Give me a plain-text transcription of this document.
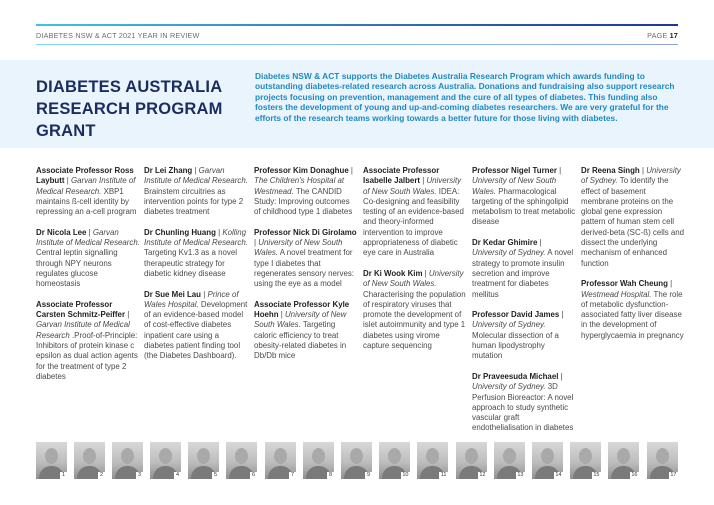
DIABETES NSW & ACT 2021 YEAR IN REVIEW	PAGE 17
DIABETES AUSTRALIA RESEARCH PROGRAM GRANT
Diabetes NSW & ACT supports the Diabetes Australia Research Program which awards funding to outstanding diabetes-related research across Australia. Donations and fundraising also support research projects focusing on prevention, management and the cure of all types of diabetes. This funding also fosters the development of young and up-and-coming diabetes researchers. We are very grateful for the efforts of the research teams working towards a better future for those living with diabetes.
Associate Professor Ross Laybutt | Garvan Institute of Medical Research. XBP1 maintains ß-cell identity by repressing an a-cell program
Dr Nicola Lee | Garvan Institute of Medical Research. Central leptin signalling through NPY neurons regulates glucose homeostasis
Associate Professor Carsten Schmitz-Peiffer | Garvan Institute of Medical Research .Proof-of-Principle: Inhibitors of protein kinase c epsilon as dual action agents for the treatment of type 2 diabetes
Dr Lei Zhang | Garvan Institute of Medical Research. Brainstem circuitries as intervention points for type 2 diabetes treatment
Dr Chunling Huang | Kolling Institute of Medical Research. Targeting Kv1.3 as a novel therapeutic strategy for diabetic kidney disease
Dr Sue Mei Lau | Prince of Wales Hospital. Development of an evidence-based model of cost-effective diabetes inpatient care using a diabetes patient finding tool (the Diabetes Dashboard).
Professor Kim Donaghue | The Children's Hospital at Westmead. The CANDID Study: Improving outcomes of childhood type 1 diabetes
Professor Nick Di Girolamo | University of New South Wales. A novel treatment for type I diabetes that regenerates sensory nerves: using the eye as a model
Associate Professor Kyle Hoehn | University of New South Wales. Targeting caloric efficiency to treat obesity-related diabetes in Db/Db mice
Associate Professor Isabelle Jalbert | University of New South Wales. IDEA: Co-designing and feasibility testing of an evidence-based and theory-informed intervention to improve appropriateness of diabetic eye care in Australia
Dr Ki Wook Kim | University of New South Wales. Characterising the population of respiratory viruses that promote the development of islet autoimmunity and type 1 diabetes using virome capture sequencing
Professor Nigel Turner | University of New South Wales. Pharmacological targeting of the sphingolipid metabolism to treat metabolic disease
Dr Kedar Ghimire | University of Sydney. A novel strategy to promote insulin secretion and improve treatment for diabetes mellitus
Professor David James | University of Sydney. Molecular dissection of a human lipodystrophy mutation
Dr Praveesuda Michael | University of Sydney. 3D Perfusion Bioreactor: A novel approach to study synthetic vascular graft endothelialisation in diabetes
Dr Reena Singh | University of Sydney. To identify the effect of basement membrane proteins on the global gene expression pattern of human stem cell derived-beta (SC-ß) cells and dissect the underlying mechanism of enhanced function
Professor Wah Cheung | Westmead Hospital. The role of metabolic dysfunction-associated fatty liver disease in the development of hyperglycaemia in pregnancy
1	2	3	4	5	6	7	8	9	10	11	12	13	14	15	16	17
